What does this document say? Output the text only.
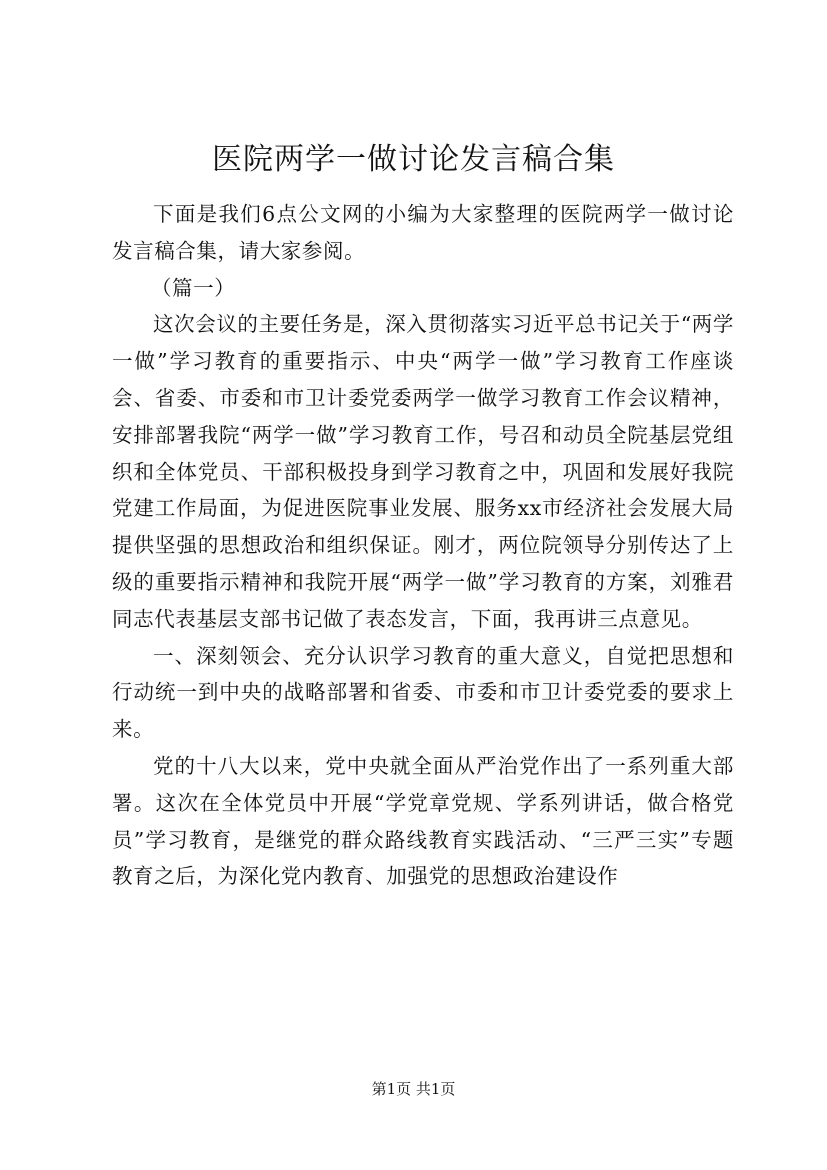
医院两学一做讨论发言稿合集

下面是我们6点公文网的小编为大家整理的医院两学一做讨论发言稿合集，请大家参阅。

（篇一）

这次会议的主要任务是，深入贯彻落实习近平总书记关于“两学一做”学习教育的重要指示、中央“两学一做”学习教育工作座谈会、省委、市委和市卫计委党委两学一做学习教育工作会议精神，安排部署我院“两学一做”学习教育工作，号召和动员全院基层党组织和全体党员、干部积极投身到学习教育之中，巩固和发展好我院党建工作局面，为促进医院事业发展、服务xx市经济社会发展大局提供坚强的思想政治和组织保证。刚才，两位院领导分别传达了上级的重要指示精神和我院开展“两学一做”学习教育的方案，刘雅君同志代表基层支部书记做了表态发言，下面，我再讲三点意见。

一、深刻领会、充分认识学习教育的重大意义，自觉把思想和行动统一到中央的战略部署和省委、市委和市卫计委党委的要求上来。

党的十八大以来，党中央就全面从严治党作出了一系列重大部署。这次在全体党员中开展“学党章党规、学系列讲话，做合格党员”学习教育，是继党的群众路线教育实践活动、“三严三实”专题教育之后，为深化党内教育、加强党的思想政治建设作

第1页 共1页
